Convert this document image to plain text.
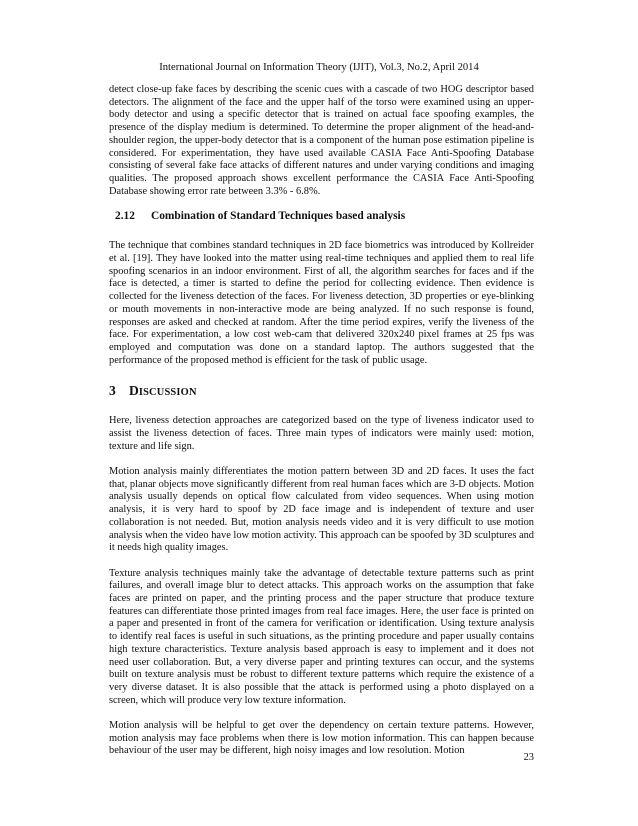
International Journal on Information Theory (IJIT), Vol.3, No.2, April 2014

detect close-up fake faces by describing the scenic cues with a cascade of two HOG descriptor based detectors. The alignment of the face and the upper half of the torso were examined using an upper-body detector and using a specific detector that is trained on actual face spoofing examples, the presence of the display medium is determined. To determine the proper alignment of the head-and- shoulder region, the upper-body detector that is a component of the human pose estimation pipeline is considered. For experimentation, they have used available CASIA Face Anti-Spoofing Database consisting of several fake face attacks of different natures and under varying conditions and imaging qualities. The proposed approach shows excellent performance the CASIA Face Anti-Spoofing Database showing error rate between 3.3% - 6.8%.

2.12 Combination of Standard Techniques based analysis

The technique that combines standard techniques in 2D face biometrics was introduced by Kollreider et al. [19]. They have looked into the matter using real-time techniques and applied them to real life spoofing scenarios in an indoor environment. First of all, the algorithm searches for faces and if the face is detected, a timer is started to define the period for collecting evidence. Then evidence is collected for the liveness detection of the faces. For liveness detection, 3D properties or eye-blinking or mouth movements in non-interactive mode are being analyzed. If no such response is found, responses are asked and checked at random. After the time period expires, verify the liveness of the face. For experimentation, a low cost web-cam that delivered 320x240 pixel frames at 25 fps was employed and computation was done on a standard laptop. The authors suggested that the performance of the proposed method is efficient for the task of public usage.

3 DISCUSSION

Here, liveness detection approaches are categorized based on the type of liveness indicator used to assist the liveness detection of faces. Three main types of indicators were mainly used: motion, texture and life sign.

Motion analysis mainly differentiates the motion pattern between 3D and 2D faces. It uses the fact that, planar objects move significantly different from real human faces which are 3-D objects. Motion analysis usually depends on optical flow calculated from video sequences. When using motion analysis, it is very hard to spoof by 2D face image and is independent of texture and user collaboration is not needed. But, motion analysis needs video and it is very difficult to use motion analysis when the video have low motion activity. This approach can be spoofed by 3D sculptures and it needs high quality images.

Texture analysis techniques mainly take the advantage of detectable texture patterns such as print failures, and overall image blur to detect attacks. This approach works on the assumption that fake faces are printed on paper, and the printing process and the paper structure that produce texture features can differentiate those printed images from real face images. Here, the user face is printed on a paper and presented in front of the camera for verification or identification. Using texture analysis to identify real faces is useful in such situations, as the printing procedure and paper usually contains high texture characteristics. Texture analysis based approach is easy to implement and it does not need user collaboration. But, a very diverse paper and printing textures can occur, and the systems built on texture analysis must be robust to different texture patterns which require the existence of a very diverse dataset. It is also possible that the attack is performed using a photo displayed on a screen, which will produce very low texture information.

Motion analysis will be helpful to get over the dependency on certain texture patterns. However, motion analysis may face problems when there is low motion information. This can happen because behaviour of the user may be different, high noisy images and low resolution. Motion

23
